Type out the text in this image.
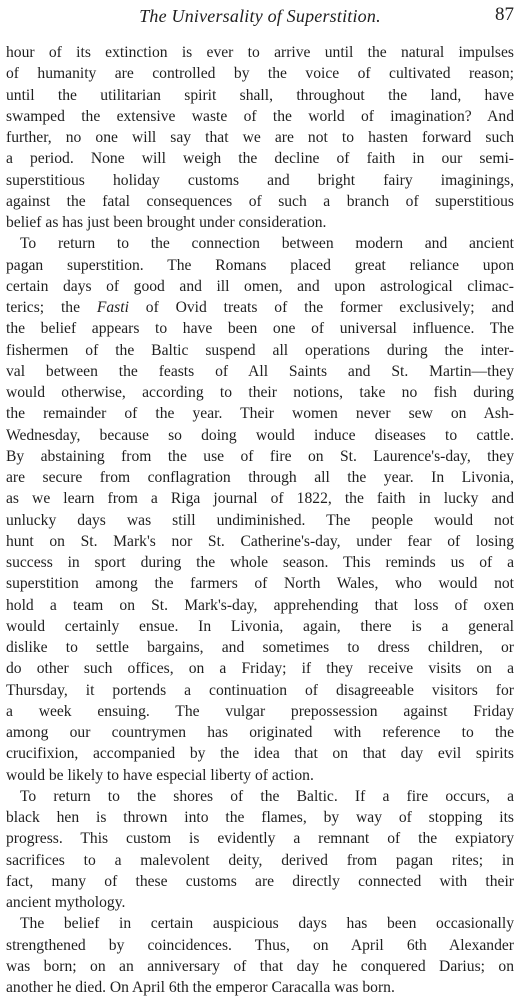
The Universality of Superstition.	87
hour of its extinction is ever to arrive until the natural impulses
of humanity are controlled by the voice of cultivated reason;
until the utilitarian spirit shall, throughout the land, have
swamped the extensive waste of the world of imagination? And
further, no one will say that we are not to hasten forward such
a period. None will weigh the decline of faith in our semi-
superstitious holiday customs and bright fairy imaginings,
against the fatal consequences of such a branch of superstitious
belief as has just been brought under consideration.
To return to the connection between modern and ancient
pagan superstition. The Romans placed great reliance upon
certain days of good and ill omen, and upon astrological climac-
terics; the Fasti of Ovid treats of the former exclusively; and
the belief appears to have been one of universal influence. The
fishermen of the Baltic suspend all operations during the inter-
val between the feasts of All Saints and St. Martin—they
would otherwise, according to their notions, take no fish during
the remainder of the year. Their women never sew on Ash-
Wednesday, because so doing would induce diseases to cattle.
By abstaining from the use of fire on St. Laurence's-day, they
are secure from conflagration through all the year. In Livonia,
as we learn from a Riga journal of 1822, the faith in lucky and
unlucky days was still undiminished. The people would not
hunt on St. Mark's nor St. Catherine's-day, under fear of losing
success in sport during the whole season. This reminds us of a
superstition among the farmers of North Wales, who would not
hold a team on St. Mark's-day, apprehending that loss of oxen
would certainly ensue. In Livonia, again, there is a general
dislike to settle bargains, and sometimes to dress children, or
do other such offices, on a Friday; if they receive visits on a
Thursday, it portends a continuation of disagreeable visitors for
a week ensuing. The vulgar prepossession against Friday
among our countrymen has originated with reference to the
crucifixion, accompanied by the idea that on that day evil spirits
would be likely to have especial liberty of action.
To return to the shores of the Baltic. If a fire occurs, a
black hen is thrown into the flames, by way of stopping its
progress. This custom is evidently a remnant of the expiatory
sacrifices to a malevolent deity, derived from pagan rites; in
fact, many of these customs are directly connected with their
ancient mythology.
The belief in certain auspicious days has been occasionally
strengthened by coincidences. Thus, on April 6th Alexander
was born; on an anniversary of that day he conquered Darius; on
another he died. On April 6th the emperor Caracalla was born.
